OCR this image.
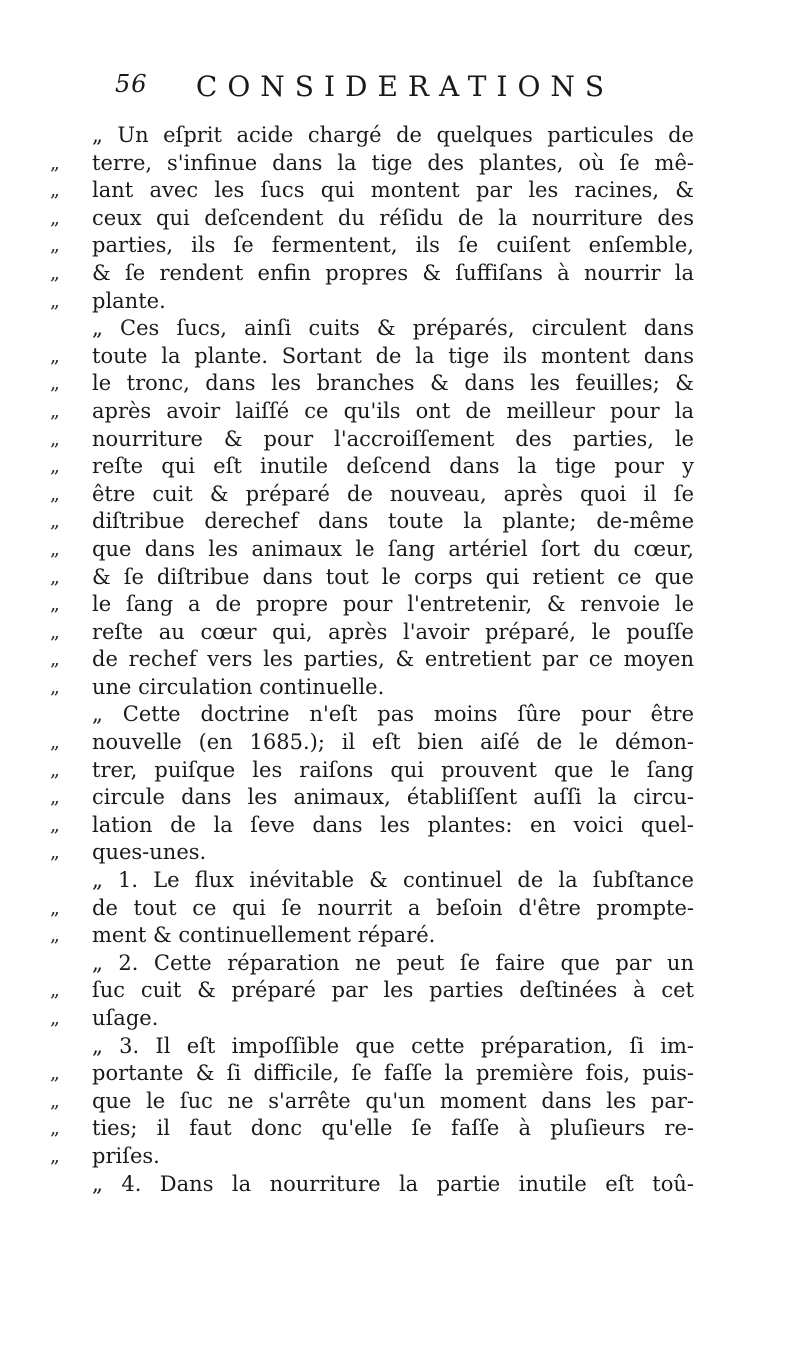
56	CONSIDERATIONS
„ Un eſprit acide chargé de quelques particules de
„	terre, s'infinue dans la tige des plantes, où ſe mê-
„	lant avec les ſucs qui montent par les racines, &
„	ceux qui deſcendent du réſidu de la nourriture des
„	parties, ils ſe fermentent, ils ſe cuiſent enſemble,
„	& ſe rendent enfin propres & ſuffiſans à nourrir la
„	plante.
„ Ces ſucs, ainſi cuits & préparés, circulent dans
„	toute la plante. Sortant de la tige ils montent dans
„	le tronc, dans les branches & dans les feuilles; &
„	après avoir laiſſé ce qu'ils ont de meilleur pour la
„	nourriture & pour l'accroiſſement des parties, le
„	reſte qui eſt inutile deſcend dans la tige pour y
„	être cuit & préparé de nouveau, après quoi il ſe
„	diſtribue derechef dans toute la plante; de-même
„	que dans les animaux le ſang artériel ſort du cœur,
„	& ſe diſtribue dans tout le corps qui retient ce que
„	le ſang a de propre pour l'entretenir, & renvoie le
„	reſte au cœur qui, après l'avoir préparé, le pouſſe
„	de rechef vers les parties, & entretient par ce moyen
„	une circulation continuelle.
„ Cette doctrine n'eſt pas moins ſûre pour être
„	nouvelle (en 1685.); il eſt bien aiſé de le démon-
„	trer, puiſque les raiſons qui prouvent que le ſang
„	circule dans les animaux, établiſſent auſſi la circu-
„	lation de la ſeve dans les plantes: en voici quel-
„	ques-unes.
„ 1. Le flux inévitable & continuel de la ſubſtance
„	de tout ce qui ſe nourrit a beſoin d'être prompte-
„	ment & continuellement réparé.
„ 2. Cette réparation ne peut ſe faire que par un
„	ſuc cuit & préparé par les parties deſtinées à cet
„	uſage.
„ 3. Il eſt impoſſible que cette préparation, ſi im-
„	portante & ſi difficile, ſe faſſe la première fois, puis-
„	que le ſuc ne s'arrête qu'un moment dans les par-
„	ties; il faut donc qu'elle ſe faſſe à pluſieurs re-
„	priſes.
„ 4. Dans la nourriture la partie inutile eſt toû-
